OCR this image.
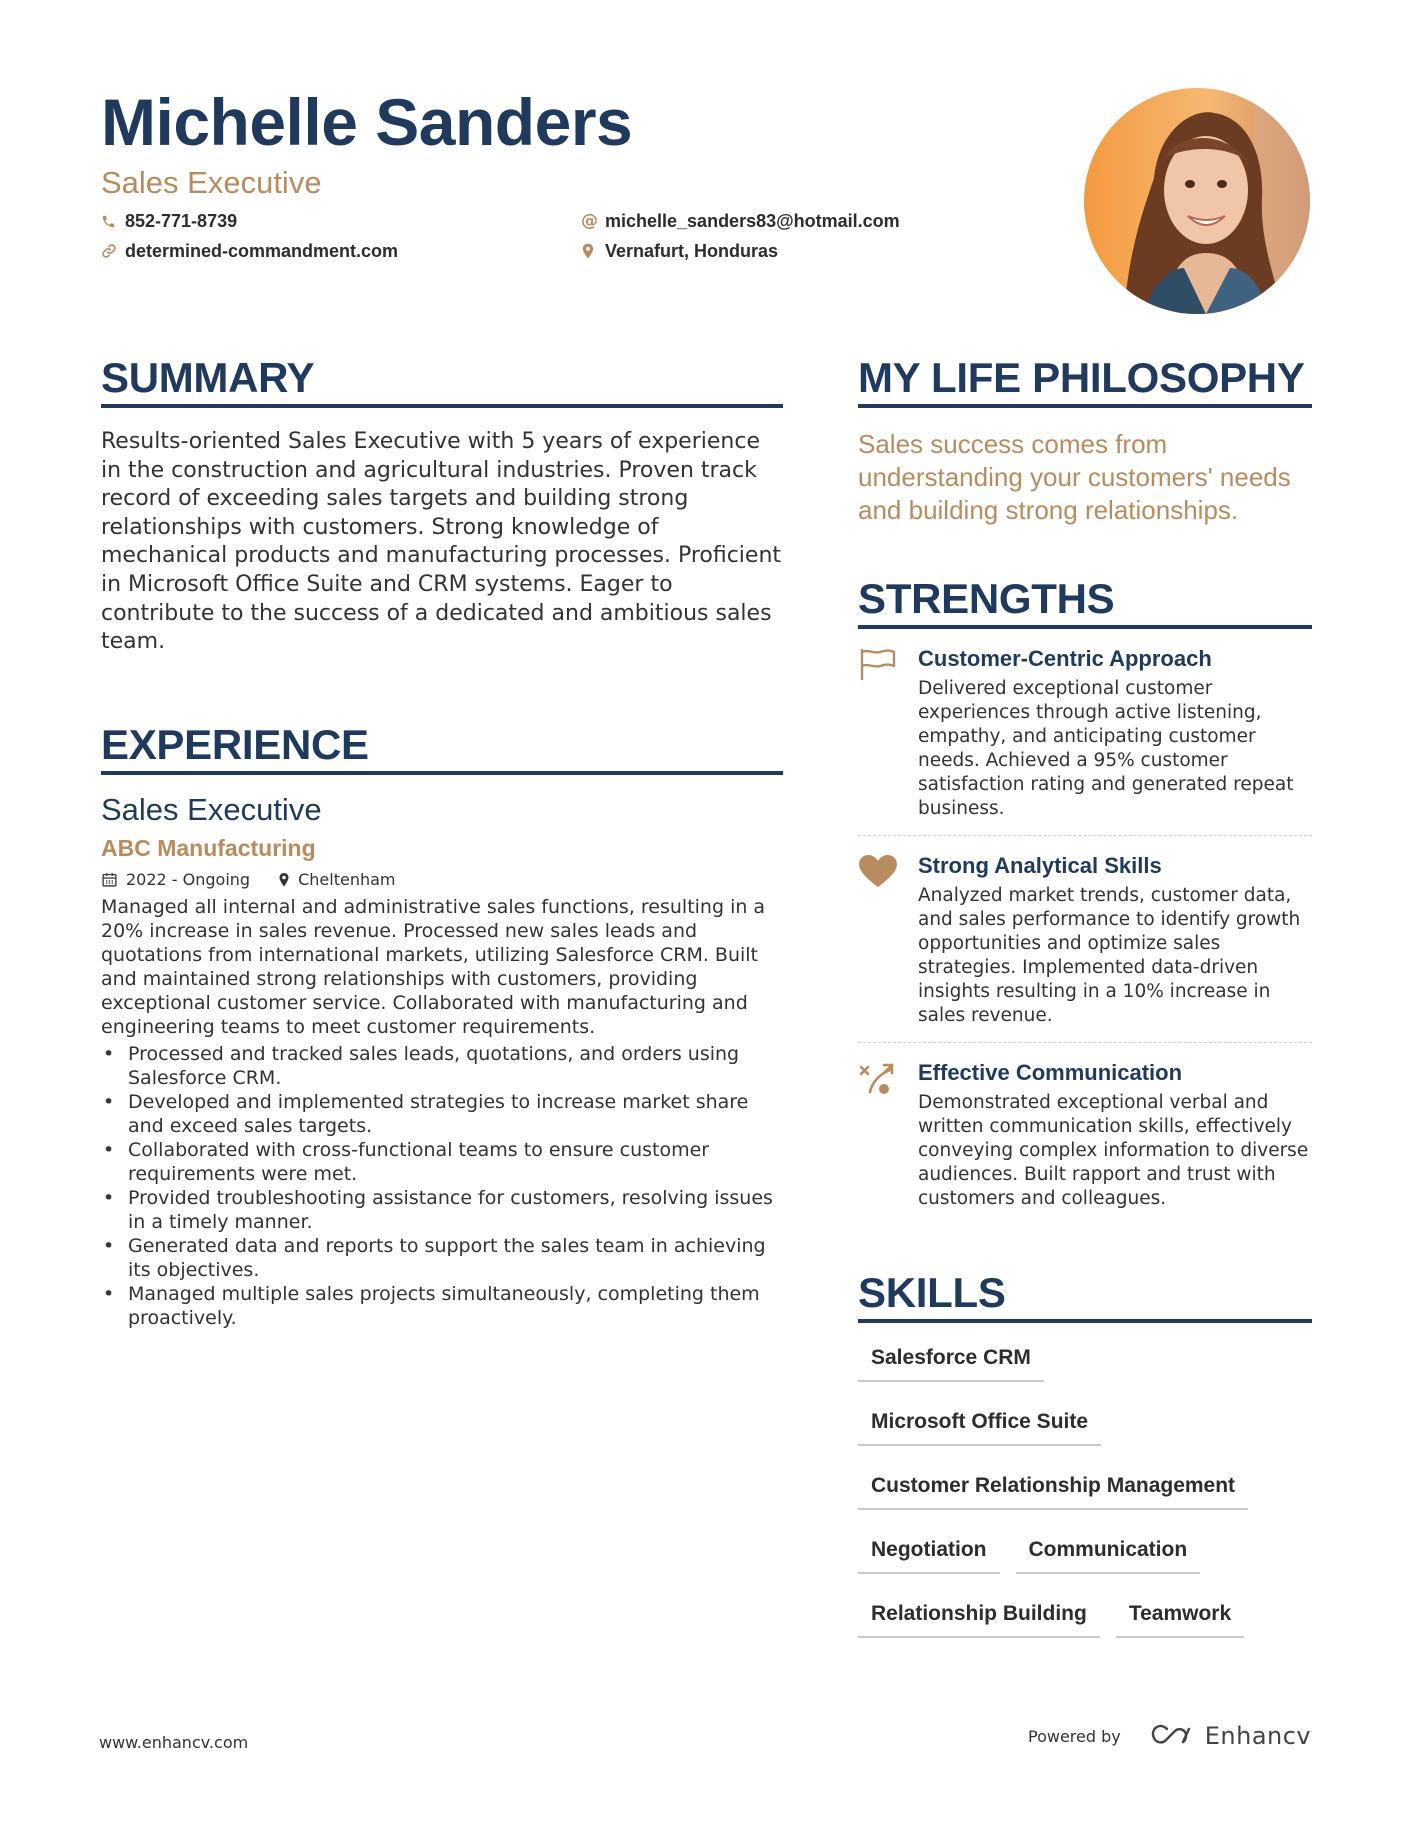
Michelle Sanders
Sales Executive
852-771-8739	@ michelle_sanders83@hotmail.com
determined-commandment.com	Vernafurt, Honduras
SUMMARY
Results-oriented Sales Executive with 5 years of experience in the construction and agricultural industries. Proven track record of exceeding sales targets and building strong relationships with customers. Strong knowledge of mechanical products and manufacturing processes. Proficient in Microsoft Office Suite and CRM systems. Eager to contribute to the success of a dedicated and ambitious sales team.
EXPERIENCE
Sales Executive
ABC Manufacturing
2022 - Ongoing	Cheltenham
Managed all internal and administrative sales functions, resulting in a 20% increase in sales revenue. Processed new sales leads and quotations from international markets, utilizing Salesforce CRM. Built and maintained strong relationships with customers, providing exceptional customer service. Collaborated with manufacturing and engineering teams to meet customer requirements.
• Processed and tracked sales leads, quotations, and orders using Salesforce CRM.
• Developed and implemented strategies to increase market share and exceed sales targets.
• Collaborated with cross-functional teams to ensure customer requirements were met.
• Provided troubleshooting assistance for customers, resolving issues in a timely manner.
• Generated data and reports to support the sales team in achieving its objectives.
• Managed multiple sales projects simultaneously, completing them proactively.
MY LIFE PHILOSOPHY
Sales success comes from understanding your customers' needs and building strong relationships.
STRENGTHS
Customer-Centric Approach
Delivered exceptional customer experiences through active listening, empathy, and anticipating customer needs. Achieved a 95% customer satisfaction rating and generated repeat business.
Strong Analytical Skills
Analyzed market trends, customer data, and sales performance to identify growth opportunities and optimize sales strategies. Implemented data-driven insights resulting in a 10% increase in sales revenue.
Effective Communication
Demonstrated exceptional verbal and written communication skills, effectively conveying complex information to diverse audiences. Built rapport and trust with customers and colleagues.
SKILLS
Salesforce CRM
Microsoft Office Suite
Customer Relationship Management
Negotiation	Communication
Relationship Building	Teamwork
www.enhancv.com	Powered by	Enhancv
